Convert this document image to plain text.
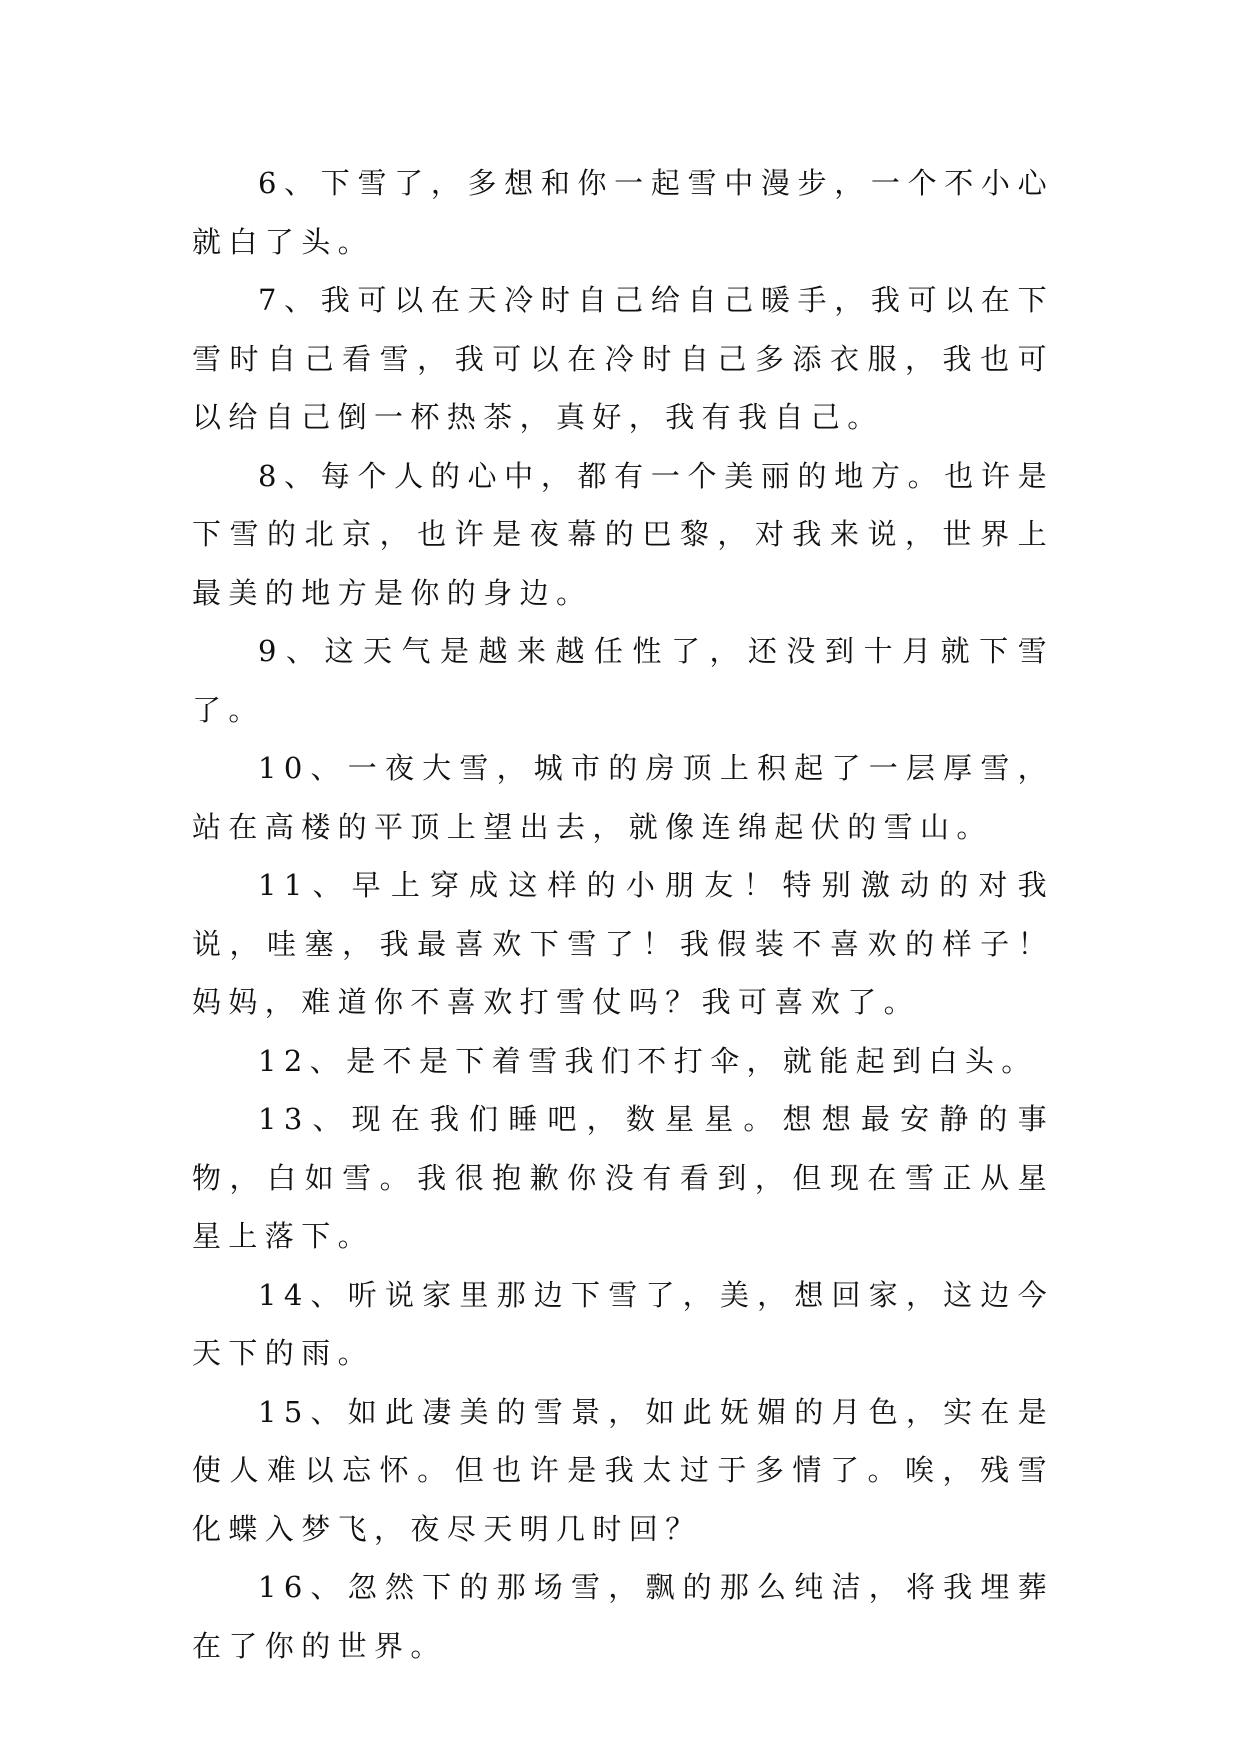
6、下雪了，多想和你一起雪中漫步，一个不小心就白了头。

7、我可以在天冷时自己给自己暖手，我可以在下雪时自己看雪，我可以在冷时自己多添衣服，我也可以给自己倒一杯热茶，真好，我有我自己。

8、每个人的心中，都有一个美丽的地方。也许是下雪的北京，也许是夜幕的巴黎，对我来说，世界上最美的地方是你的身边。

9、这天气是越来越任性了，还没到十月就下雪了。

10、一夜大雪，城市的房顶上积起了一层厚雪，站在高楼的平顶上望出去，就像连绵起伏的雪山。

11、早上穿成这样的小朋友！特别激动的对我说，哇塞，我最喜欢下雪了！我假装不喜欢的样子！妈妈，难道你不喜欢打雪仗吗？我可喜欢了。

12、是不是下着雪我们不打伞，就能起到白头。

13、现在我们睡吧，数星星。想想最安静的事物，白如雪。我很抱歉你没有看到，但现在雪正从星星上落下。

14、听说家里那边下雪了，美，想回家，这边今天下的雨。

15、如此凄美的雪景，如此妩媚的月色，实在是使人难以忘怀。但也许是我太过于多情了。唉，残雪化蝶入梦飞，夜尽天明几时回？

16、忽然下的那场雪，飘的那么纯洁，将我埋葬在了你的世界。
